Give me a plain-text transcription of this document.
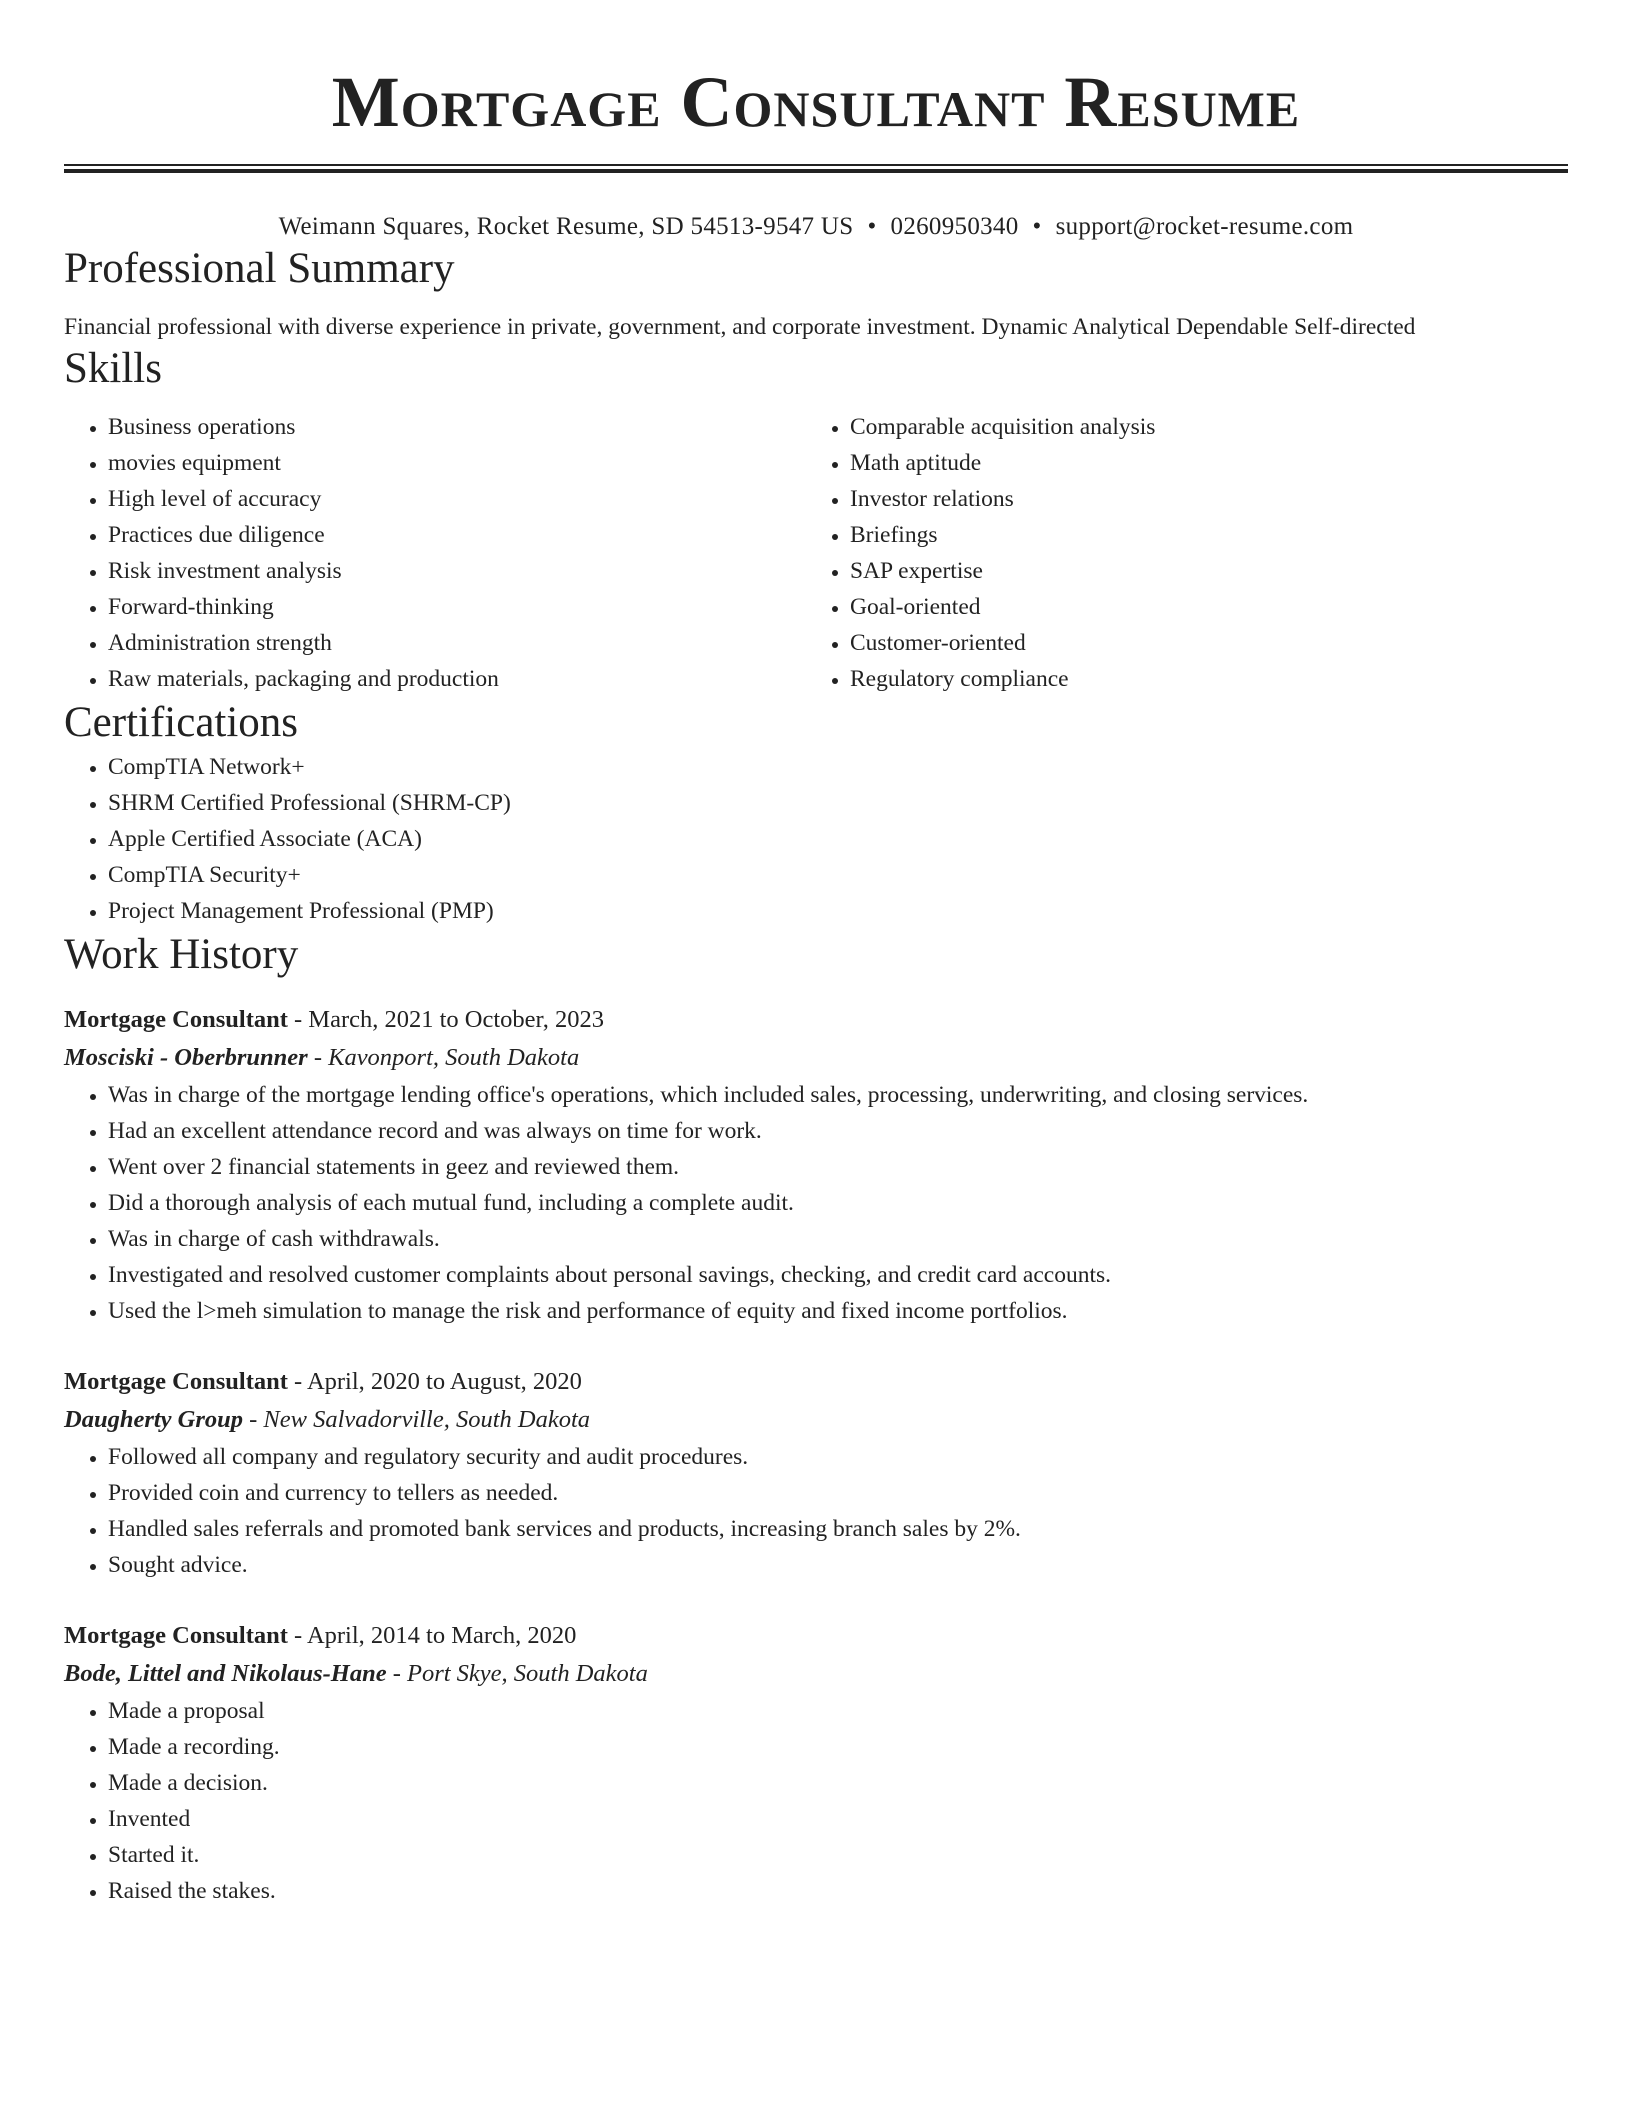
Mortgage Consultant Resume
Weimann Squares, Rocket Resume, SD 54513-9547 US • 0260950340 • support@rocket-resume.com
Professional Summary
Financial professional with diverse experience in private, government, and corporate investment. Dynamic Analytical Dependable Self-directed
Skills
• Business operations
• movies equipment
• High level of accuracy
• Practices due diligence
• Risk investment analysis
• Forward-thinking
• Administration strength
• Raw materials, packaging and production
• Comparable acquisition analysis
• Math aptitude
• Investor relations
• Briefings
• SAP expertise
• Goal-oriented
• Customer-oriented
• Regulatory compliance
Certifications
• CompTIA Network+
• SHRM Certified Professional (SHRM-CP)
• Apple Certified Associate (ACA)
• CompTIA Security+
• Project Management Professional (PMP)
Work History
Mortgage Consultant - March, 2021 to October, 2023
Mosciski - Oberbrunner - Kavonport, South Dakota
• Was in charge of the mortgage lending office's operations, which included sales, processing, underwriting, and closing services.
• Had an excellent attendance record and was always on time for work.
• Went over 2 financial statements in geez and reviewed them.
• Did a thorough analysis of each mutual fund, including a complete audit.
• Was in charge of cash withdrawals.
• Investigated and resolved customer complaints about personal savings, checking, and credit card accounts.
• Used the l>meh simulation to manage the risk and performance of equity and fixed income portfolios.
Mortgage Consultant - April, 2020 to August, 2020
Daugherty Group - New Salvadorville, South Dakota
• Followed all company and regulatory security and audit procedures.
• Provided coin and currency to tellers as needed.
• Handled sales referrals and promoted bank services and products, increasing branch sales by 2%.
• Sought advice.
Mortgage Consultant - April, 2014 to March, 2020
Bode, Littel and Nikolaus-Hane - Port Skye, South Dakota
• Made a proposal
• Made a recording.
• Made a decision.
• Invented
• Started it.
• Raised the stakes.
